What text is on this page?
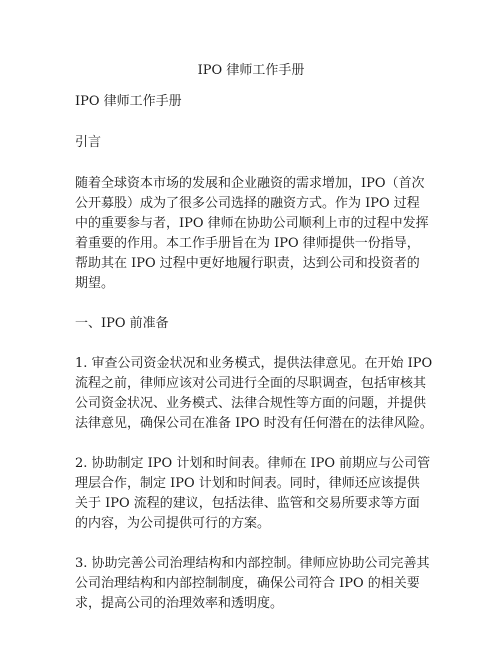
IPO 律师工作手册

IPO 律师工作手册

引言

随着全球资本市场的发展和企业融资的需求增加，IPO（首次
公开募股）成为了很多公司选择的融资方式。作为 IPO 过程
中的重要参与者，IPO 律师在协助公司顺利上市的过程中发挥
着重要的作用。本工作手册旨在为 IPO 律师提供一份指导，
帮助其在 IPO 过程中更好地履行职责，达到公司和投资者的
期望。

一、IPO 前准备

1. 审查公司资金状况和业务模式，提供法律意见。在开始 IPO
流程之前，律师应该对公司进行全面的尽职调查，包括审核其
公司资金状况、业务模式、法律合规性等方面的问题，并提供
法律意见，确保公司在准备 IPO 时没有任何潜在的法律风险。

2. 协助制定 IPO 计划和时间表。律师在 IPO 前期应与公司管
理层合作，制定 IPO 计划和时间表。同时，律师还应该提供
关于 IPO 流程的建议，包括法律、监管和交易所要求等方面
的内容，为公司提供可行的方案。

3. 协助完善公司治理结构和内部控制。律师应协助公司完善其
公司治理结构和内部控制制度，确保公司符合 IPO 的相关要
求，提高公司的治理效率和透明度。
